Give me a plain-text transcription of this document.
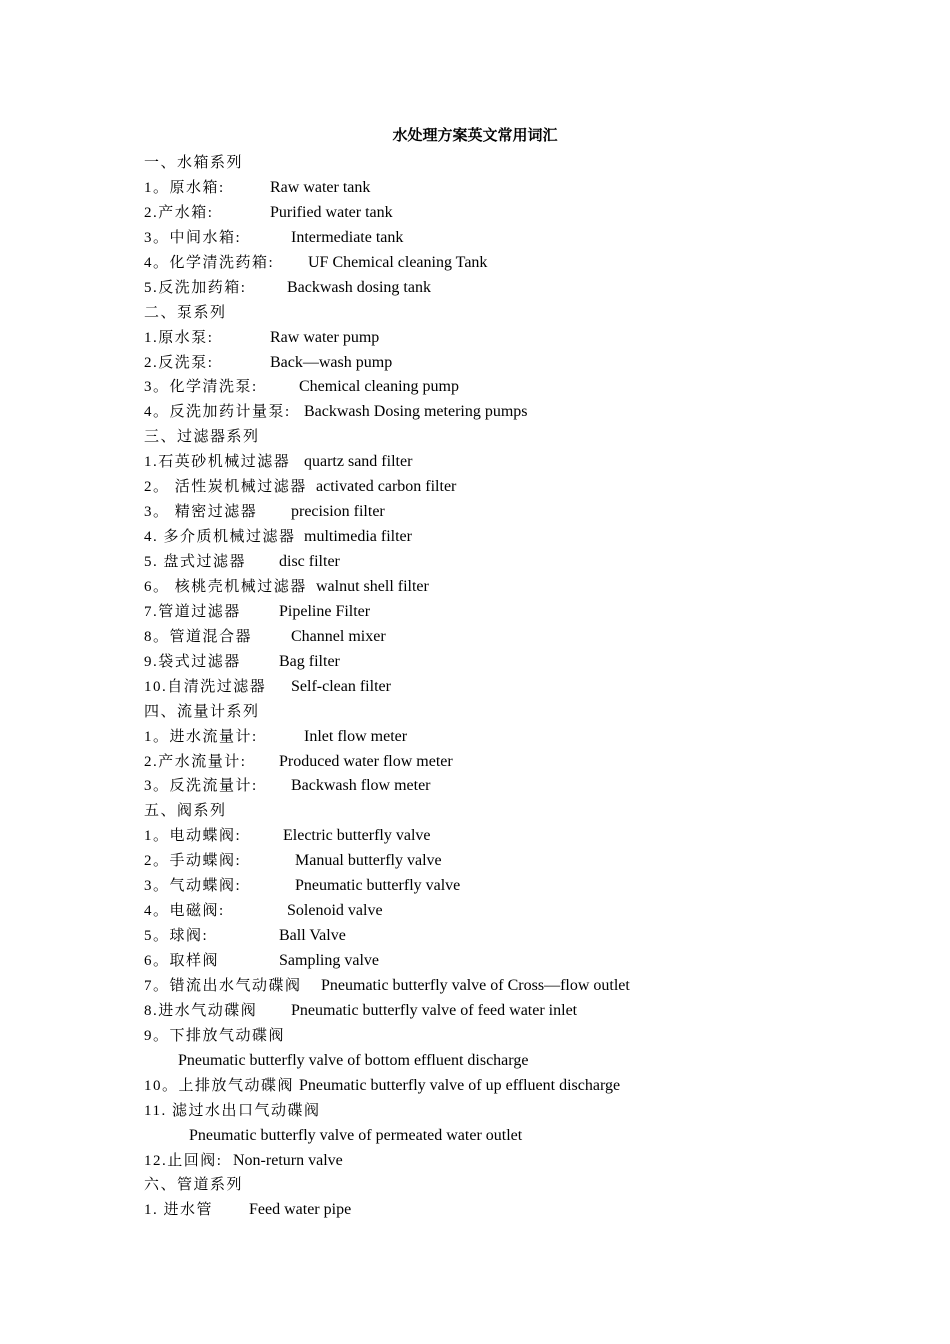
水处理方案英文常用词汇
一、水箱系列
1。原水箱:	Raw water tank
2.产水箱:	Purified water tank
3。中间水箱:	Intermediate tank
4。化学清洗药箱: UF Chemical cleaning Tank
5.反洗加药箱:	Backwash dosing tank
二、泵系列
1.原水泵:	Raw water pump
2.反洗泵:	Back—wash pump
3。化学清洗泵:	Chemical cleaning pump
4。反洗加药计量泵: Backwash Dosing metering pumps
三、过滤器系列
1.石英砂机械过滤器 quartz sand filter
2。 活性炭机械过滤器 activated carbon filter
3。 精密过滤器 precision filter
4. 多介质机械过滤器 multimedia filter
5. 盘式过滤器 disc filter
6。 核桃壳机械过滤器 walnut shell filter
7.管道过滤器 Pipeline Filter
8。管道混合器 Channel mixer
9.袋式过滤器 Bag filter
10.自清洗过滤器 Self-clean filter
四、流量计系列
1。进水流量计:	Inlet flow meter
2.产水流量计: Produced water flow meter
3。反洗流量计: Backwash flow meter
五、阀系列
1。电动蝶阀:	Electric butterfly valve
2。手动蝶阀:	Manual butterfly valve
3。气动蝶阀:	Pneumatic butterfly valve
4。电磁阀:	Solenoid valve
5。球阀:	Ball Valve
6。取样阀	Sampling valve
7。错流出水气动碟阀 Pneumatic butterfly valve of Cross—flow outlet
8.进水气动碟阀 Pneumatic butterfly valve of feed water inlet
9。下排放气动碟阀
Pneumatic butterfly valve of bottom effluent discharge
10。上排放气动碟阀 Pneumatic butterfly valve of up effluent discharge
11. 滤过水出口气动碟阀
Pneumatic butterfly valve of permeated water outlet
12.止回阀: Non-return valve
六、管道系列
1. 进水管 Feed water pipe
